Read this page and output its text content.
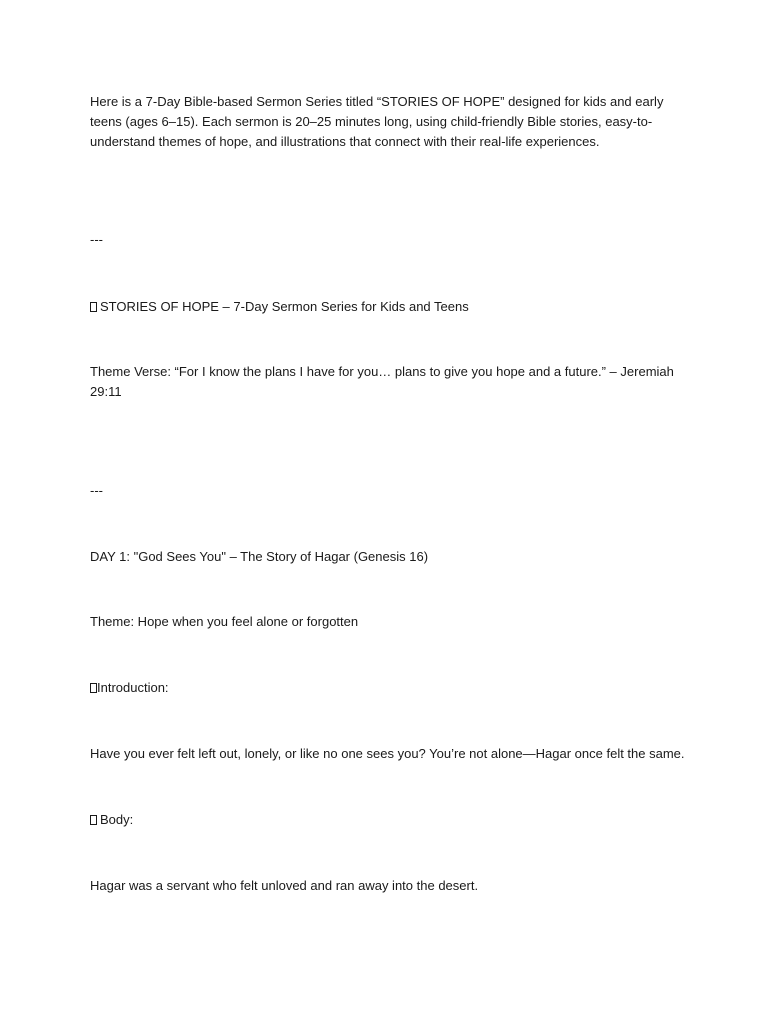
Here is a 7-Day Bible-based Sermon Series titled “STORIES OF HOPE” designed for kids and early teens (ages 6–15). Each sermon is 20–25 minutes long, using child-friendly Bible stories, easy-to-understand themes of hope, and illustrations that connect with their real-life experiences.

---

STORIES OF HOPE – 7-Day Sermon Series for Kids and Teens

Theme Verse: “For I know the plans I have for you… plans to give you hope and a future.” – Jeremiah 29:11

---

DAY 1: "God Sees You" – The Story of Hagar (Genesis 16)

Theme: Hope when you feel alone or forgotten

Introduction:

Have you ever felt left out, lonely, or like no one sees you? You’re not alone—Hagar once felt the same.

Body:

Hagar was a servant who felt unloved and ran away into the desert.
